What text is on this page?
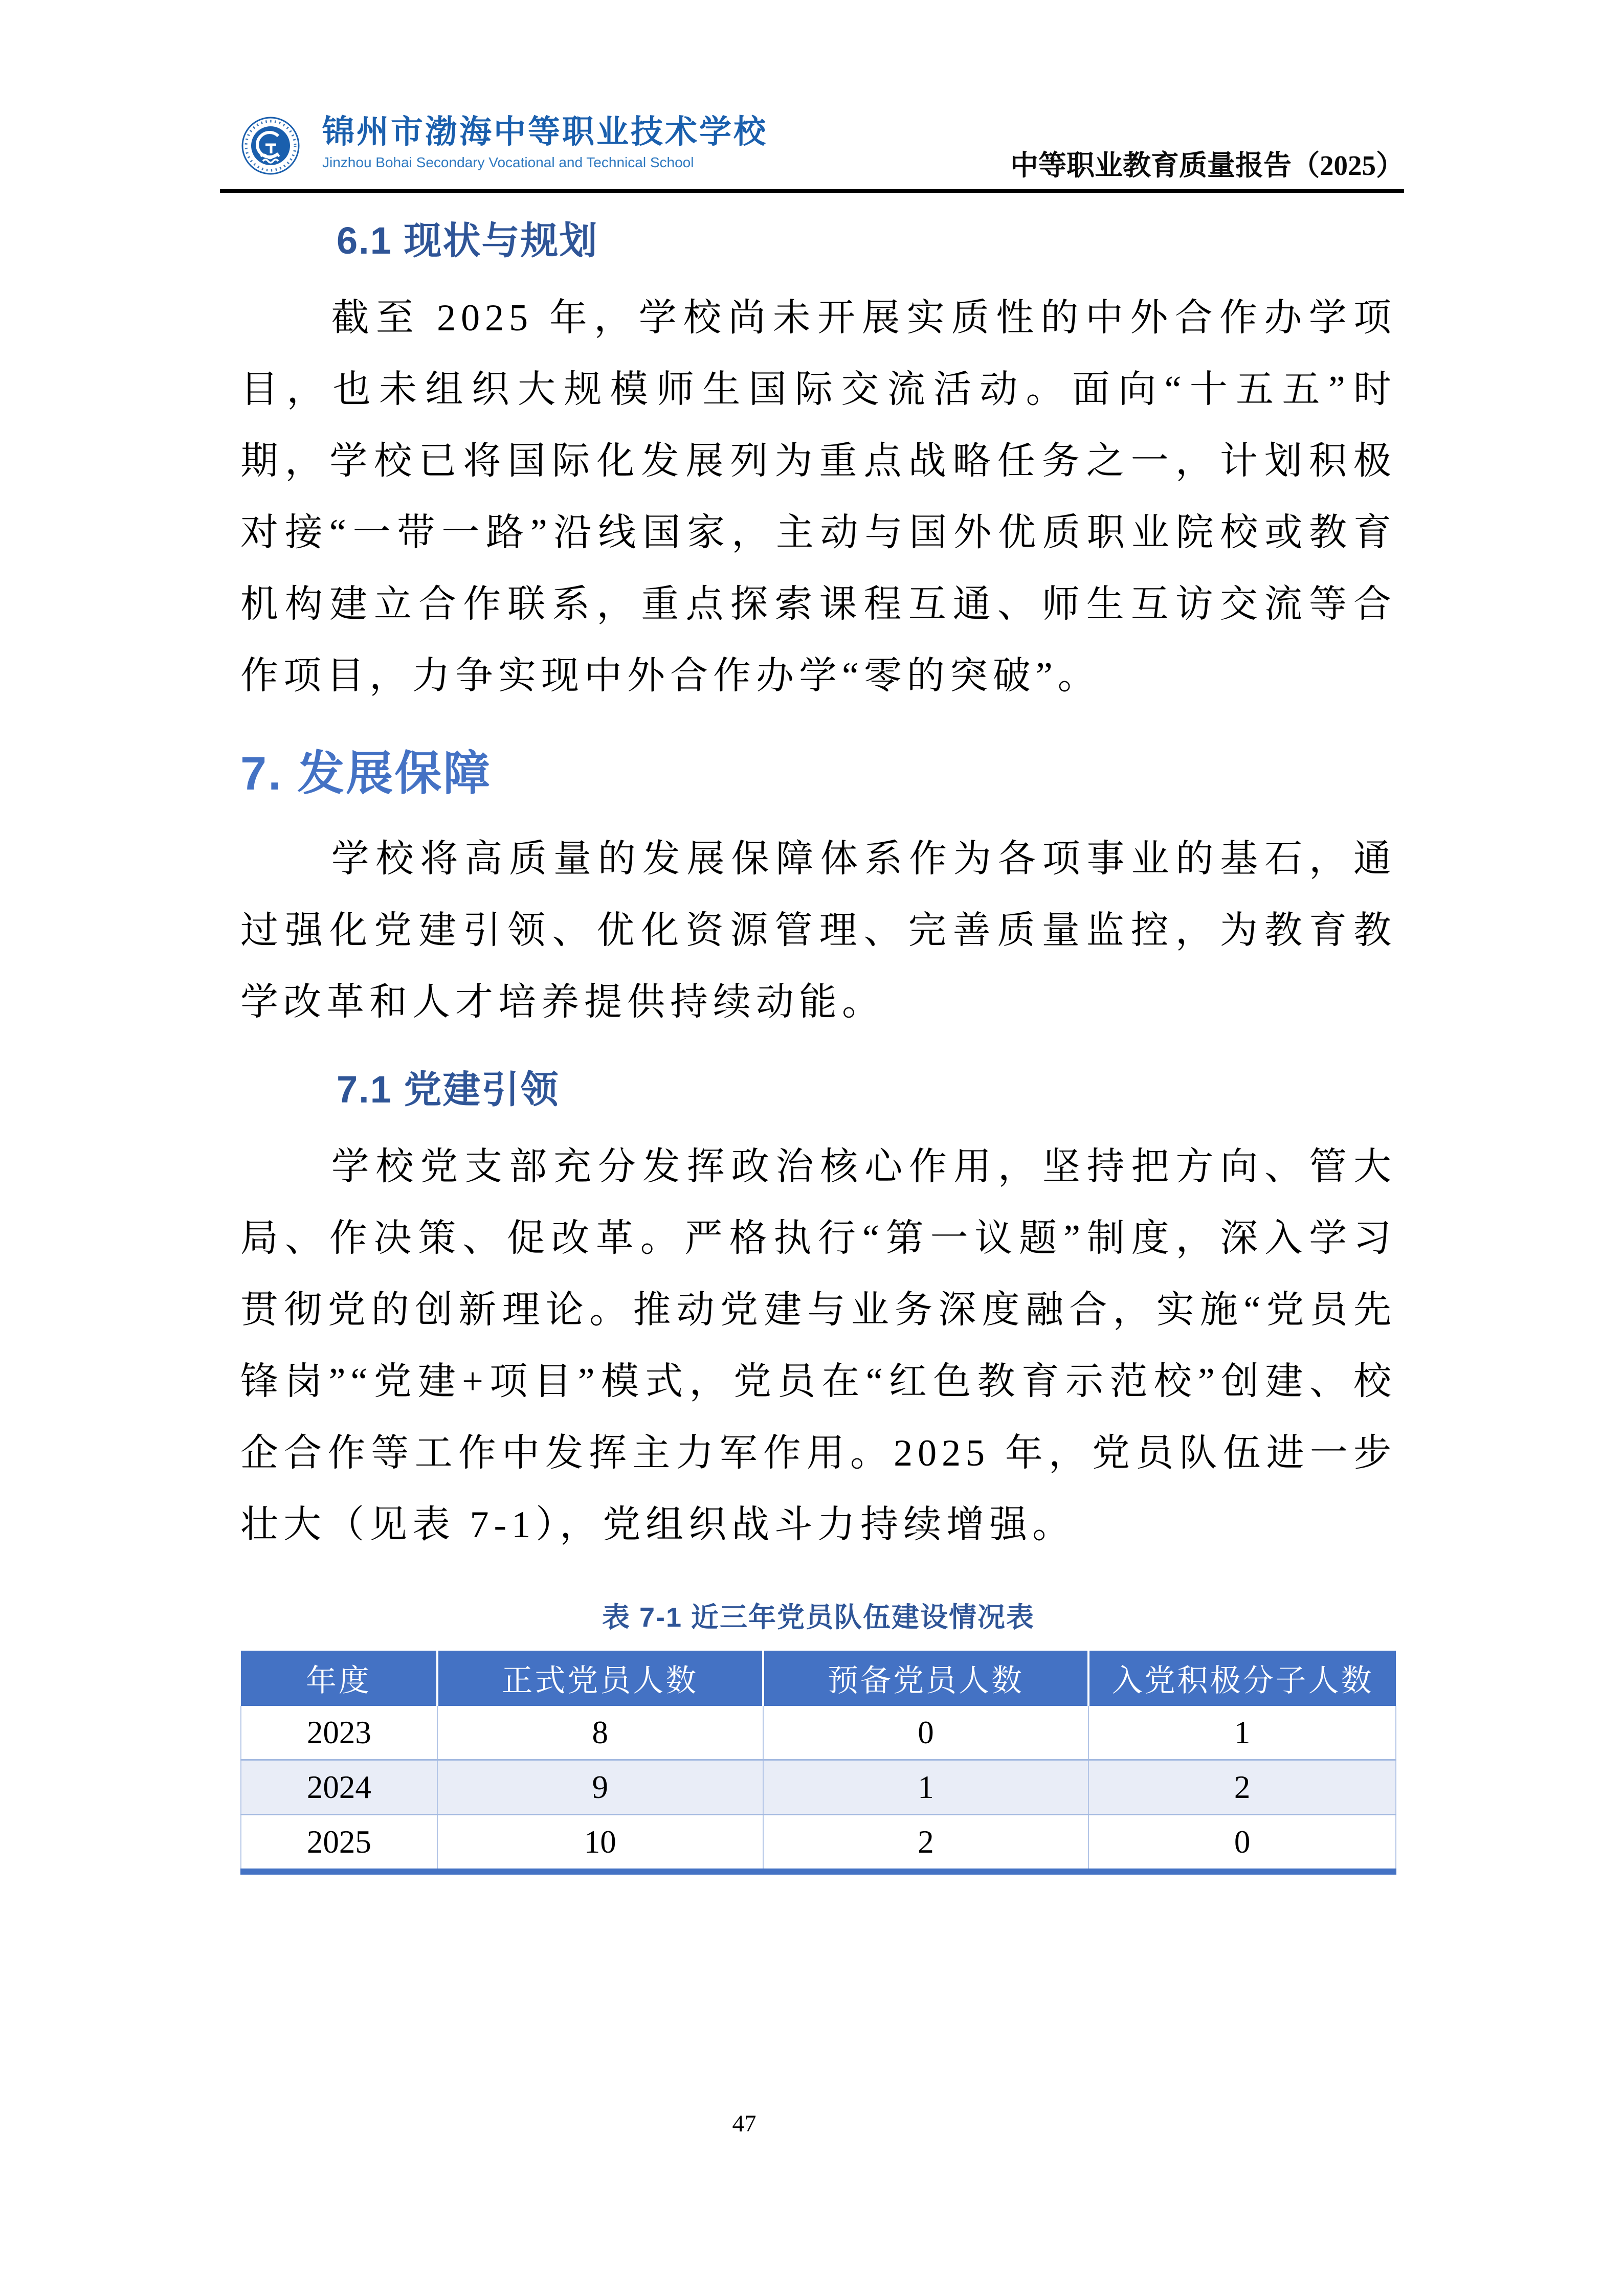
锦州市渤海中等职业技术学校
Jinzhou Bohai Secondary Vocational and Technical School	中等职业教育质量报告（2025）
6.1 现状与规划

截至 2025 年，学校尚未开展实质性的中外合作办学项目，也未组织大规模师生国际交流活动。面向“十五五”时期，学校已将国际化发展列为重点战略任务之一，计划积极对接“一带一路”沿线国家，主动与国外优质职业院校或教育机构建立合作联系，重点探索课程互通、师生互访交流等合作项目，力争实现中外合作办学“零的突破”。

7. 发展保障

学校将高质量的发展保障体系作为各项事业的基石，通过强化党建引领、优化资源管理、完善质量监控，为教育教学改革和人才培养提供持续动能。

7.1 党建引领

学校党支部充分发挥政治核心作用，坚持把方向、管大局、作决策、促改革。严格执行“第一议题”制度，深入学习贯彻党的创新理论。推动党建与业务深度融合，实施“党员先锋岗”“党建+项目”模式，党员在“红色教育示范校”创建、校企合作等工作中发挥主力军作用。2025 年，党员队伍进一步壮大（见表 7-1），党组织战斗力持续增强。

表 7-1 近三年党员队伍建设情况表
年度	正式党员人数	预备党员人数	入党积极分子人数
2023	8	0	1
2024	9	1	2
2025	10	2	0
47
